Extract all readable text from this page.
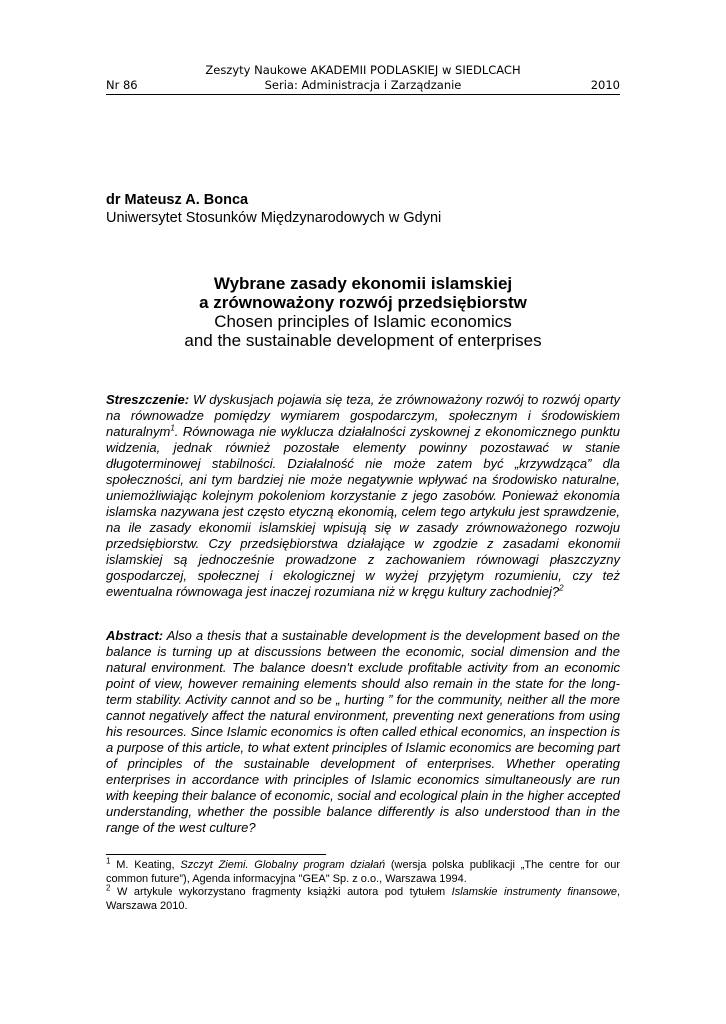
Zeszyty Naukowe AKADEMII PODLASKIEJ w SIEDLCACH
Nr 86	Seria: Administracja i Zarządzanie	2010
dr Mateusz A. Bonca
Uniwersytet Stosunków Międzynarodowych w Gdyni
Wybrane zasady ekonomii islamskiej
a zrównoważony rozwój przedsiębiorstw
Chosen principles of Islamic economics
and the sustainable development of enterprises
Streszczenie: W dyskusjach pojawia się teza, że zrównoważony rozwój to rozwój oparty na równowadze pomiędzy wymiarem gospodarczym, społecznym i środowiskiem naturalnym$^1$. Równowaga nie wyklucza działalności zyskownej z ekonomicznego punktu widzenia, jednak również pozostałe elementy powinny pozostawać w stanie długoterminowej stabilności. Działalność nie może zatem być „krzywdząca” dla społeczności, ani tym bardziej nie może negatywnie wpływać na środowisko naturalne, uniemożliwiając kolejnym pokoleniom korzystanie z jego zasobów. Ponieważ ekonomia islamska nazywana jest często etyczną ekonomią, celem tego artykułu jest sprawdzenie, na ile zasady ekonomii islamskiej wpisują się w zasady zrównoważonego rozwoju przedsiębiorstw. Czy przedsiębiorstwa działające w zgodzie z zasadami ekonomii islamskiej są jednocześnie prowadzone z zachowaniem równowagi płaszczyzny gospodarczej, społecznej i ekologicznej w wyżej przyjętym rozumieniu, czy też ewentualna równowaga jest inaczej rozumiana niż w kręgu kultury zachodniej?$^2$
Abstract: Also a thesis that a sustainable development is the development based on the balance is turning up at discussions between the economic, social dimension and the natural environment. The balance doesn't exclude profitable activity from an economic point of view, however remaining elements should also remain in the state for the long-term stability. Activity cannot and so be „ hurting ” for the community, neither all the more cannot negatively affect the natural environment, preventing next generations from using his resources. Since Islamic economics is often called ethical economics, an inspection is a purpose of this article, to what extent principles of Islamic economics are becoming part of principles of the sustainable development of enterprises. Whether operating enterprises in accordance with principles of Islamic economics simultaneously are run with keeping their balance of economic, social and ecological plain in the higher accepted understanding, whether the possible balance differently is also understood than in the range of the west culture?

$^1$ M. Keating, Szczyt Ziemi. Globalny program działań (wersja polska publikacji „The centre for our common future”), Agenda informacyjna "GEA" Sp. z o.o., Warszawa 1994.

$^2$ W artykule wykorzystano fragmenty książki autora pod tytułem Islamskie instrumenty finansowe, Warszawa 2010.
